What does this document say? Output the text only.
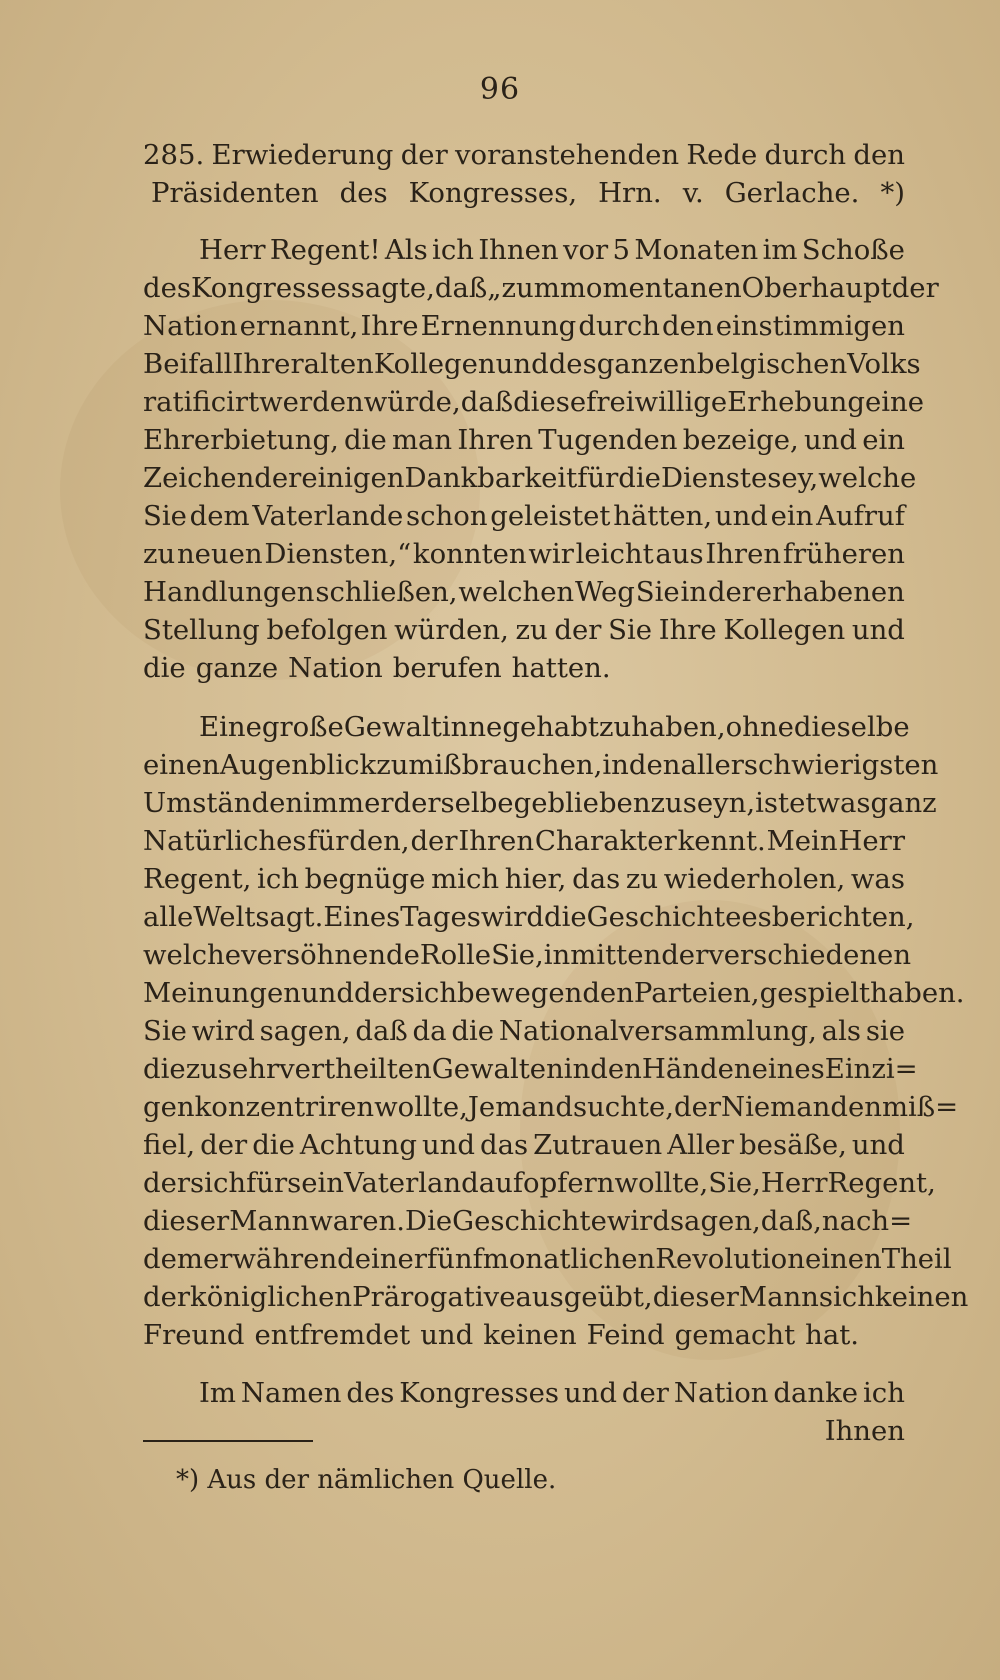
96
285. Erwiederung der voranstehenden Rede durch den
Präsidenten des Kongresses, Hrn. v. Gerlache. *)
Herr Regent! Als ich Ihnen vor 5 Monaten im Schoße
des Kongresses sagte, daß „zum momentanen Oberhaupt der
Nation ernannt, Ihre Ernennung durch den einstimmigen
Beifall Ihrer alten Kollegen und des ganzen belgischen Volks
ratificirt werden würde, daß diese freiwillige Erhebung eine
Ehrerbietung, die man Ihren Tugenden bezeige, und ein
Zeichen der einigen Dankbarkeit für die Dienste sey, welche
Sie dem Vaterlande schon geleistet hätten, und ein Aufruf
zu neuen Diensten,“ konnten wir leicht aus Ihren früheren
Handlungen schließen, welchen Weg Sie in der erhabenen
Stellung befolgen würden, zu der Sie Ihre Kollegen und
die ganze Nation berufen hatten.
Eine große Gewalt inne gehabt zu haben, ohne dieselbe
einen Augenblick zu mißbrauchen, in den allerschwierigsten
Umständen immer derselbe geblieben zu seyn, ist etwas ganz
Natürliches für den, der Ihren Charakter kennt. Mein Herr
Regent, ich begnüge mich hier, das zu wiederholen, was
alle Welt sagt. Eines Tages wird die Geschichte es berichten,
welche versöhnende Rolle Sie, inmitten der verschiedenen
Meinungen und der sich bewegenden Parteien, gespielt haben.
Sie wird sagen, daß da die Nationalversammlung, als sie
die zu sehr vertheilten Gewalten in den Händen eines Einzi=
gen konzentriren wollte, Jemand suchte, der Niemanden miß=
fiel, der die Achtung und das Zutrauen Aller besäße, und
der sich für sein Vaterland aufopfern wollte, Sie, Herr Regent,
dieser Mann waren. Die Geschichte wird sagen, daß, nach=
dem er während einer fünfmonatlichen Revolution einen Theil
der königlichen Prärogative ausgeübt, dieser Mann sich keinen
Freund entfremdet und keinen Feind gemacht hat.
Im Namen des Kongresses und der Nation danke ich
Ihnen
*) Aus der nämlichen Quelle.
